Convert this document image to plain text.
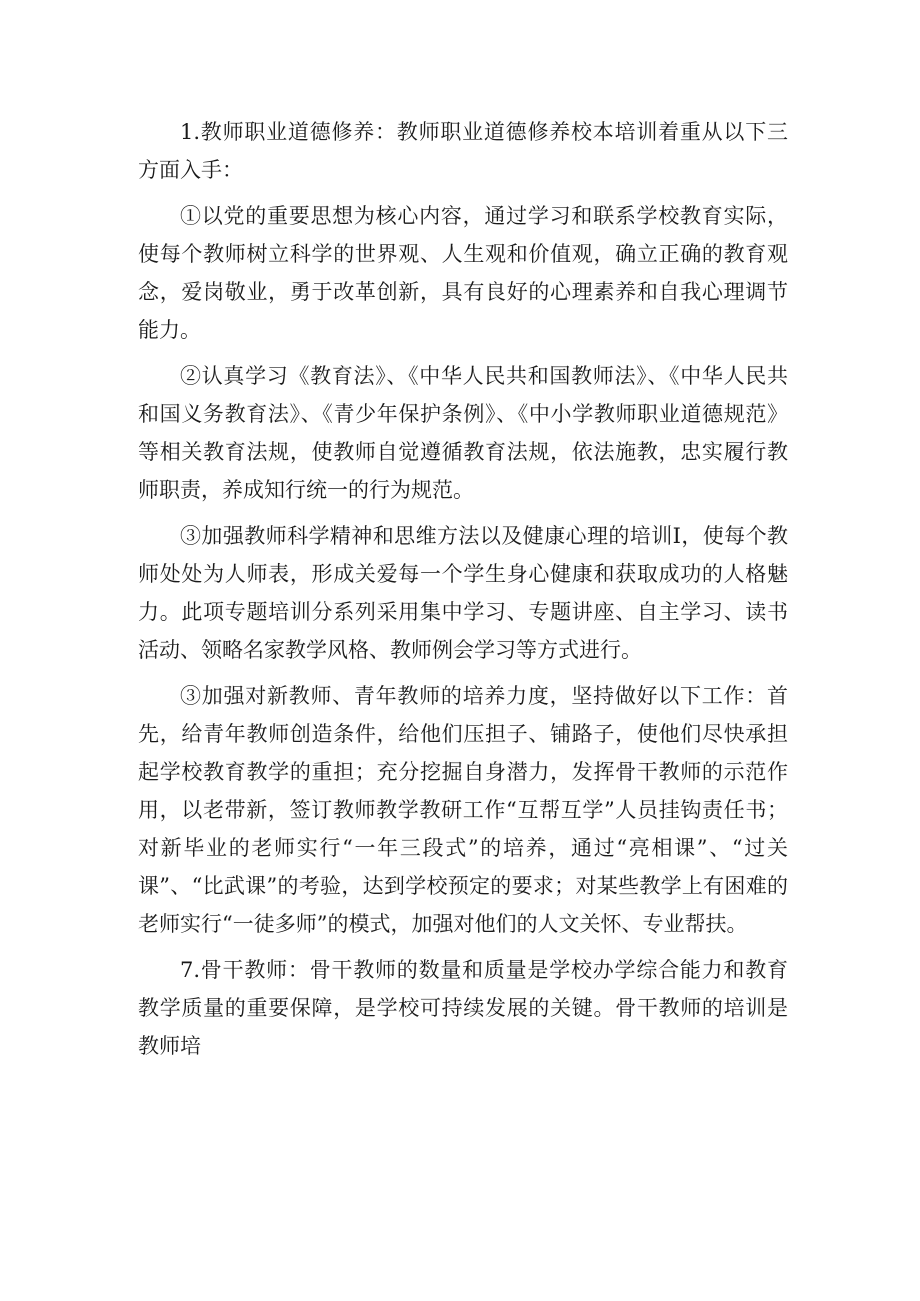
1.教师职业道德修养：教师职业道德修养校本培训着重从以下三方面入手：

①以党的重要思想为核心内容，通过学习和联系学校教育实际，使每个教师树立科学的世界观、人生观和价值观，确立正确的教育观念，爱岗敬业，勇于改革创新，具有良好的心理素养和自我心理调节能力。

②认真学习《教育法》、《中华人民共和国教师法》、《中华人民共和国义务教育法》、《青少年保护条例》、《中小学教师职业道德规范》等相关教育法规，使教师自觉遵循教育法规，依法施教，忠实履行教师职责，养成知行统一的行为规范。

③加强教师科学精神和思维方法以及健康心理的培训I，使每个教师处处为人师表，形成关爱每一个学生身心健康和获取成功的人格魅力。此项专题培训分系列采用集中学习、专题讲座、自主学习、读书活动、领略名家教学风格、教师例会学习等方式进行。

③加强对新教师、青年教师的培养力度，坚持做好以下工作：首先，给青年教师创造条件，给他们压担子、铺路子，使他们尽快承担起学校教育教学的重担；充分挖掘自身潜力，发挥骨干教师的示范作用，以老带新，签订教师教学教研工作“互帮互学”人员挂钩责任书；对新毕业的老师实行“一年三段式”的培养，通过“亮相课”、“过关课”、“比武课”的考验，达到学校预定的要求；对某些教学上有困难的老师实行“一徒多师”的模式，加强对他们的人文关怀、专业帮扶。

7.骨干教师：骨干教师的数量和质量是学校办学综合能力和教育教学质量的重要保障，是学校可持续发展的关键。骨干教师的培训是教师培
